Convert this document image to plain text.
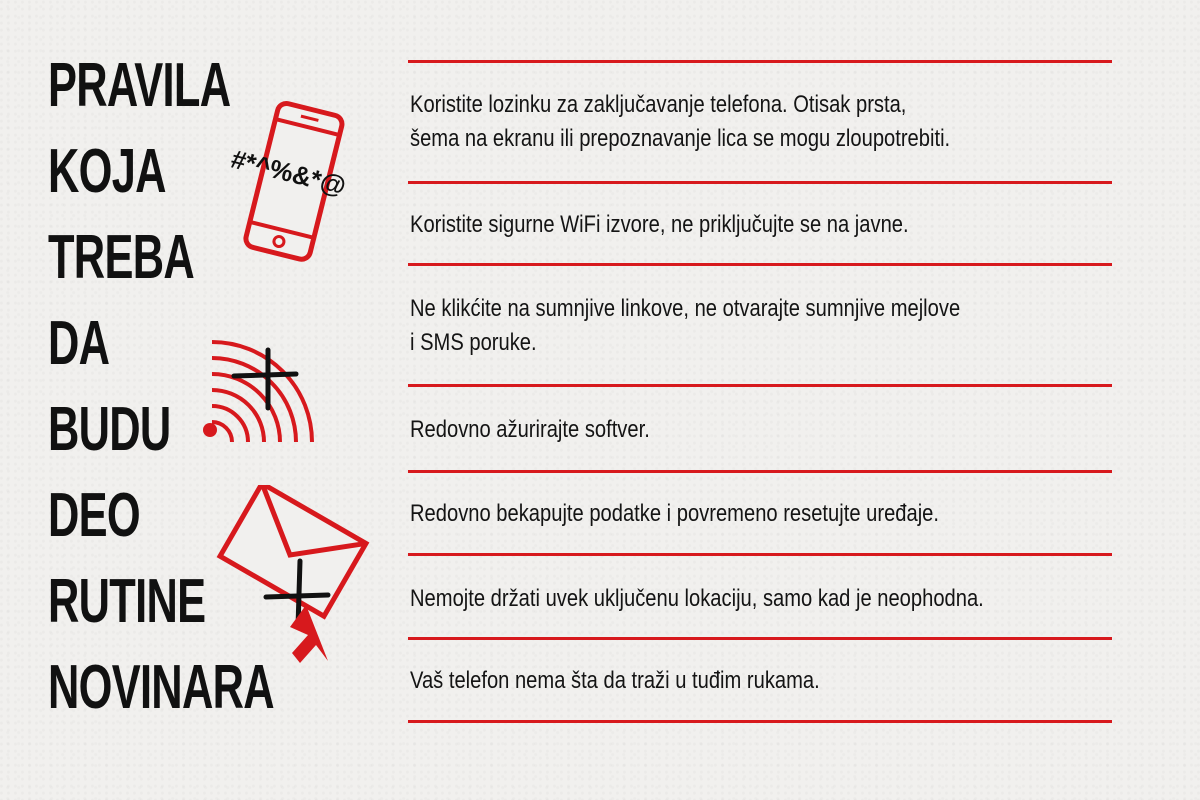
PRAVILA
KOJA
TREBA
DA
BUDU
DEO
RUTINE
NOVINARA
#*^%&*@
Koristite lozinku za zaključavanje telefona. Otisak prsta,
šema na ekranu ili prepoznavanje lica se mogu zloupotrebiti.
Koristite sigurne WiFi izvore, ne priključujte se na javne.
Ne klikćite na sumnjive linkove, ne otvarajte sumnjive mejlove
i SMS poruke.
Redovno ažurirajte softver.
Redovno bekapujte podatke i povremeno resetujte uređaje.
Nemojte držati uvek uključenu lokaciju, samo kad je neophodna.
Vaš telefon nema šta da traži u tuđim rukama.
